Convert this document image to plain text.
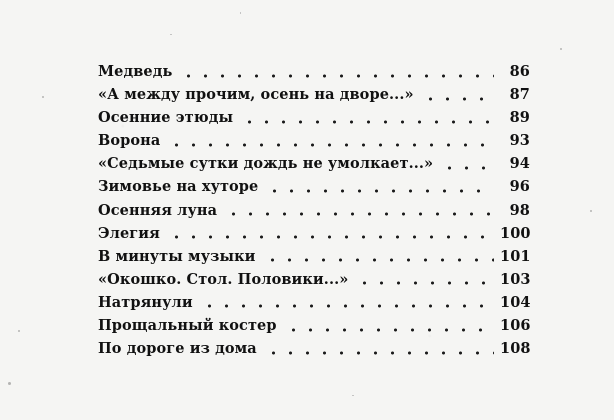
Медведь	86
«А между прочим, осень на дворе...»	87
Осенние этюды	89
Ворона	93
«Седьмые сутки дождь не умолкает...»	94
Зимовье на хуторе	96
Осенняя луна	98
Элегия	100
В минуты музыки	101
«Окошко. Стол. Половики...»	103
Натрянули	104
Прощальный костер	106
По дороге из дома	108
